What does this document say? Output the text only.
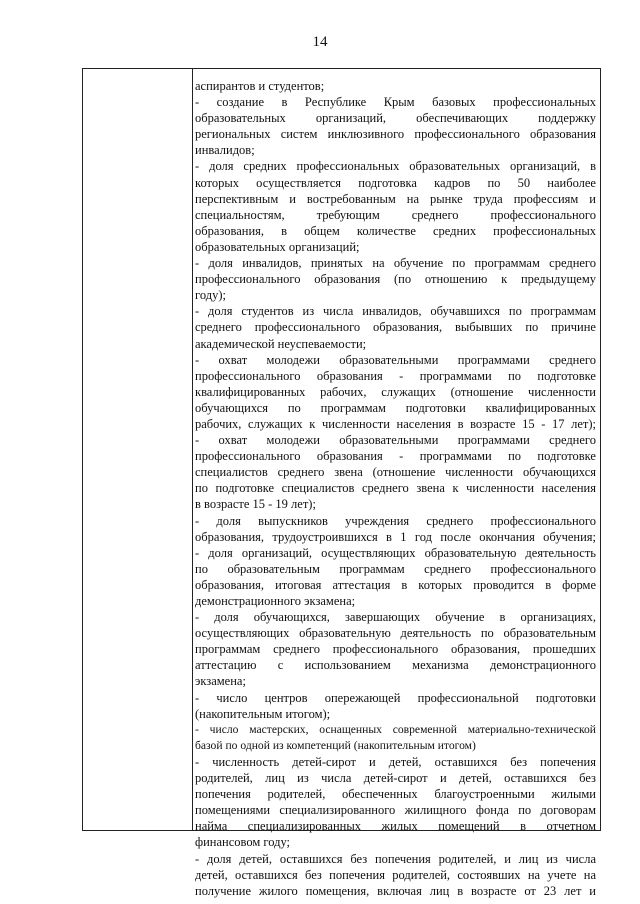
14
аспирантов и студентов;
- создание в Республике Крым базовых профессиональных
образовательных организаций, обеспечивающих поддержку
региональных систем инклюзивного профессионального образования
инвалидов;
- доля средних профессиональных образовательных организаций, в
которых осуществляется подготовка кадров по 50 наиболее
перспективным и востребованным на рынке труда профессиям и
специальностям, требующим среднего профессионального
образования, в общем количестве средних профессиональных
образовательных организаций;
- доля инвалидов, принятых на обучение по программам среднего
профессионального образования (по отношению к предыдущему
году);
- доля студентов из числа инвалидов, обучавшихся по программам
среднего профессионального образования, выбывших по причине
академической неуспеваемости;
- охват молодежи образовательными программами среднего
профессионального образования - программами по подготовке
квалифицированных рабочих, служащих (отношение численности
обучающихся по программам подготовки квалифицированных
рабочих, служащих к численности населения в возрасте 15 - 17 лет);
- охват молодежи образовательными программами среднего
профессионального образования - программами по подготовке
специалистов среднего звена (отношение численности обучающихся
по подготовке специалистов среднего звена к численности населения
в возрасте 15 - 19 лет);
- доля выпускников учреждения среднего профессионального
образования, трудоустроившихся в 1 год после окончания обучения;
- доля организаций, осуществляющих образовательную деятельность
по образовательным программам среднего профессионального
образования, итоговая аттестация в которых проводится в форме
демонстрационного экзамена;
- доля обучающихся, завершающих обучение в организациях,
осуществляющих образовательную деятельность по образовательным
программам среднего профессионального образования, прошедших
аттестацию с использованием механизма демонстрационного
экзамена;
- число центров опережающей профессиональной подготовки
(накопительным итогом);
- число мастерских, оснащенных современной материально-технической
базой по одной из компетенций (накопительным итогом)
- численность детей-сирот и детей, оставшихся без попечения
родителей, лиц из числа детей-сирот и детей, оставшихся без
попечения родителей, обеспеченных благоустроенными жилыми
помещениями специализированного жилищного фонда по договорам
найма специализированных жилых помещений в отчетном
финансовом году;
- доля детей, оставшихся без попечения родителей, и лиц из числа
детей, оставшихся без попечения родителей, состоявших на учете на
получение жилого помещения, включая лиц в возрасте от 23 лет и
